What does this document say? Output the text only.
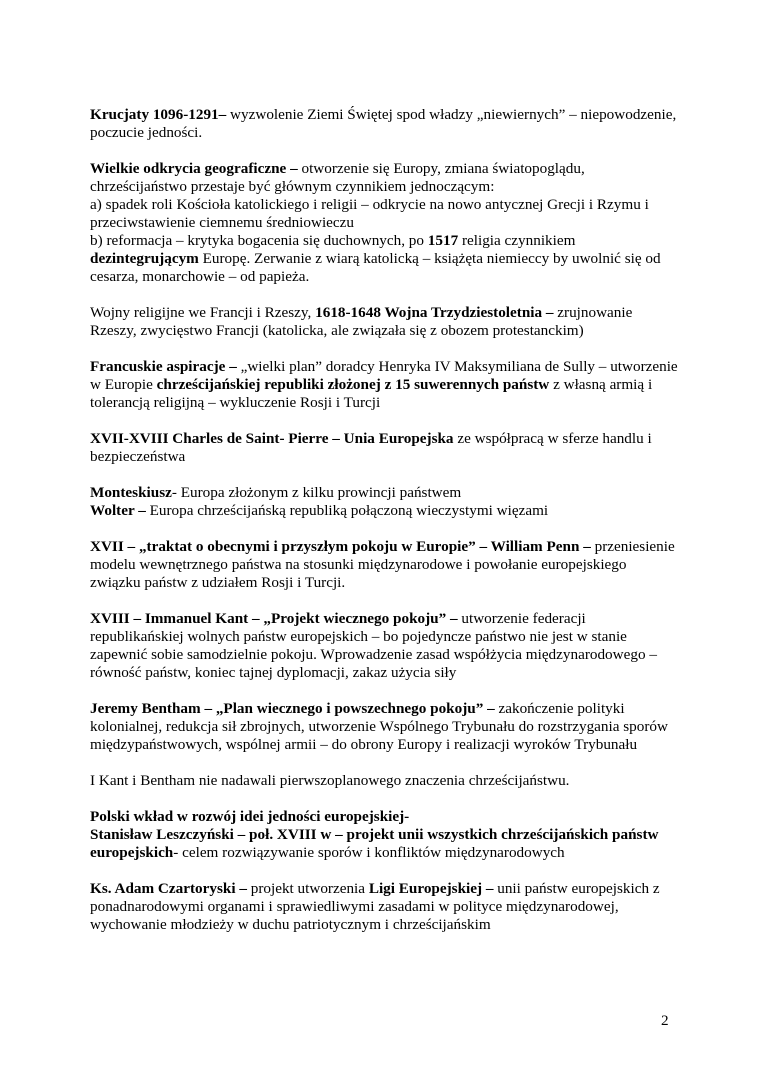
Krucjaty 1096-1291– wyzwolenie Ziemi Świętej spod władzy „niewiernych” – niepowodzenie, poczucie jedności.
Wielkie odkrycia geograficzne – otworzenie się Europy, zmiana światopoglądu, chrześcijaństwo przestaje być głównym czynnikiem jednoczącym:
a) spadek roli Kościoła katolickiego i religii – odkrycie na nowo antycznej Grecji i Rzymu i przeciwstawienie ciemnemu średniowieczu
b) reformacja – krytyka bogacenia się duchownych, po 1517 religia czynnikiem dezintegrującym Europę. Zerwanie z wiarą katolicką – książęta niemieccy by uwolnić się od cesarza, monarchowie – od papieża.
Wojny religijne we Francji i Rzeszy, 1618-1648 Wojna Trzydziestoletnia – zrujnowanie Rzeszy, zwycięstwo Francji (katolicka, ale związała się z obozem protestanckim)
Francuskie aspiracje – „wielki plan” doradcy Henryka IV Maksymiliana de Sully – utworzenie w Europie chrześcijańskiej republiki złożonej z 15 suwerennych państw z własną armią i tolerancją religijną – wykluczenie Rosji i Turcji
XVII-XVIII Charles de Saint- Pierre – Unia Europejska ze współpracą w sferze handlu i bezpieczeństwa
Monteskiusz- Europa złożonym z kilku prowincji państwem
Wolter – Europa chrześcijańską republiką połączoną wieczystymi więzami
XVII – „traktat o obecnymi i przyszłym pokoju w Europie” – William Penn – przeniesienie modelu wewnętrznego państwa na stosunki międzynarodowe i powołanie europejskiego związku państw z udziałem Rosji i Turcji.
XVIII – Immanuel Kant – „Projekt wiecznego pokoju” – utworzenie federacji republikańskiej wolnych państw europejskich – bo pojedyncze państwo nie jest w stanie zapewnić sobie samodzielnie pokoju. Wprowadzenie zasad współżycia międzynarodowego – równość państw, koniec tajnej dyplomacji, zakaz użycia siły
Jeremy Bentham – „Plan wiecznego i powszechnego pokoju” – zakończenie polityki kolonialnej, redukcja sił zbrojnych, utworzenie Wspólnego Trybunału do rozstrzygania sporów międzypaństwowych, wspólnej armii – do obrony Europy i realizacji wyroków Trybunału
I Kant i Bentham nie nadawali pierwszoplanowego znaczenia chrześcijaństwu.
Polski wkład w rozwój idei jedności europejskiej-
Stanisław Leszczyński – poł. XVIII w – projekt unii wszystkich chrześcijańskich państw europejskich- celem rozwiązywanie sporów i konfliktów międzynarodowych
Ks. Adam Czartoryski – projekt utworzenia Ligi Europejskiej – unii państw europejskich z ponadnarodowymi organami i sprawiedliwymi zasadami w polityce międzynarodowej, wychowanie młodzieży w duchu patriotycznym i chrześcijańskim
2
